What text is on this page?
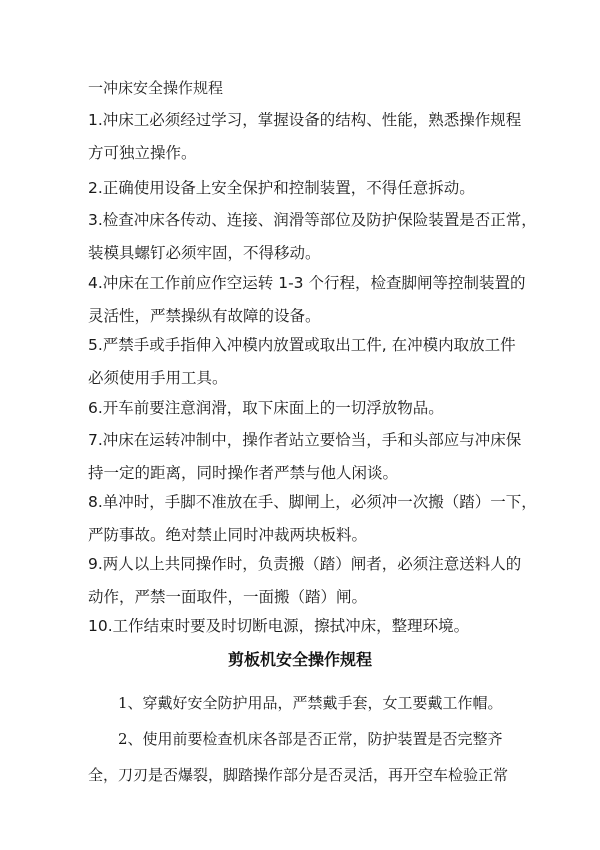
一冲床安全操作规程
1.冲床工必须经过学习，掌握设备的结构、性能，熟悉操作规程
方可独立操作。
2.正确使用设备上安全保护和控制装置，不得任意拆动。
3.检查冲床各传动、连接、润滑等部位及防护保险装置是否正常，
装模具螺钉必须牢固，不得移动。
4.冲床在工作前应作空运转 1-3 个行程，检查脚闸等控制装置的
灵活性，严禁操纵有故障的设备。
5.严禁手或手指伸入冲模内放置或取出工件, 在冲模内取放工件
必须使用手用工具。
6.开车前要注意润滑，取下床面上的一切浮放物品。
7.冲床在运转冲制中，操作者站立要恰当，手和头部应与冲床保
持一定的距离，同时操作者严禁与他人闲谈。
8.单冲时，手脚不准放在手、脚闸上，必须冲一次搬（踏）一下，
严防事故。绝对禁止同时冲裁两块板料。
9.两人以上共同操作时，负责搬（踏）闸者，必须注意送料人的
动作，严禁一面取件，一面搬（踏）闸。
10.工作结束时要及时切断电源，擦拭冲床，整理环境。
剪板机安全操作规程
1、穿戴好安全防护用品，严禁戴手套，女工要戴工作帽。
2、使用前要检查机床各部是否正常，防护装置是否完整齐
全，刀刃是否爆裂，脚踏操作部分是否灵活，再开空车检验正常
